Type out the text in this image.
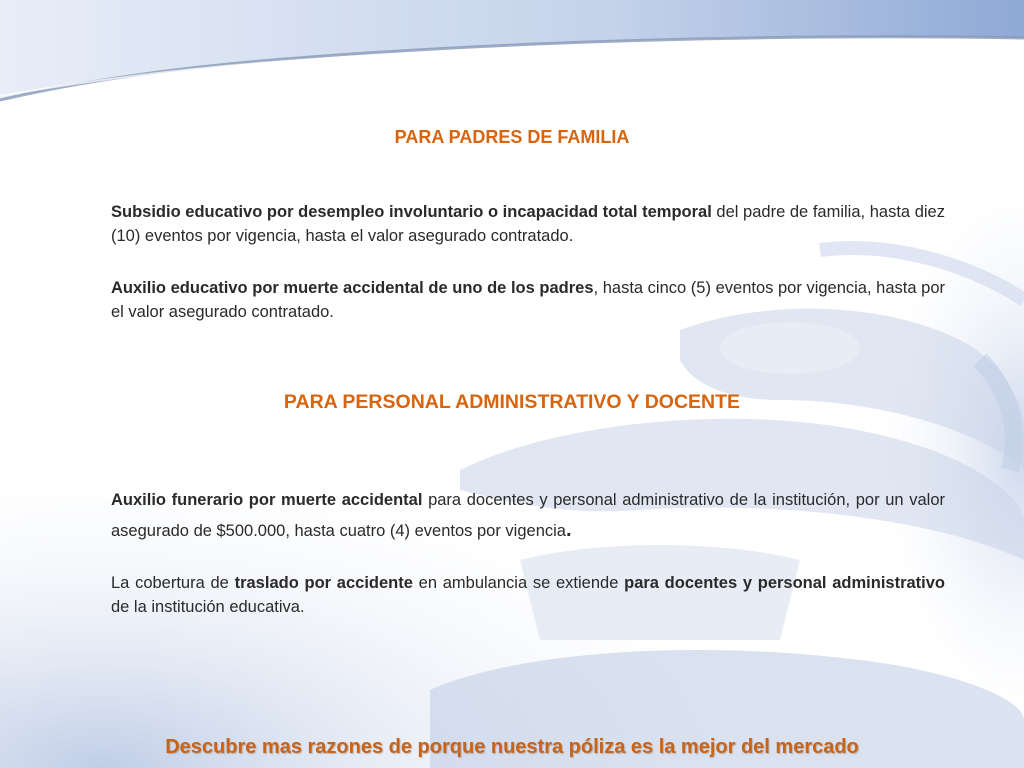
PARA PADRES DE FAMILIA

Subsidio educativo por desempleo involuntario o incapacidad total temporal del padre de familia, hasta diez (10) eventos por vigencia, hasta el valor asegurado contratado.

Auxilio educativo por muerte accidental de uno de los padres, hasta cinco (5) eventos por vigencia, hasta por el valor asegurado contratado.

PARA PERSONAL ADMINISTRATIVO Y DOCENTE

Auxilio funerario por muerte accidental para docentes y personal administrativo de la institución, por un valor asegurado de $500.000, hasta cuatro (4) eventos por vigencia.

La cobertura de traslado por accidente en ambulancia se extiende para docentes y personal administrativo de la institución educativa.

Descubre mas razones de porque nuestra póliza es la mejor del mercado
